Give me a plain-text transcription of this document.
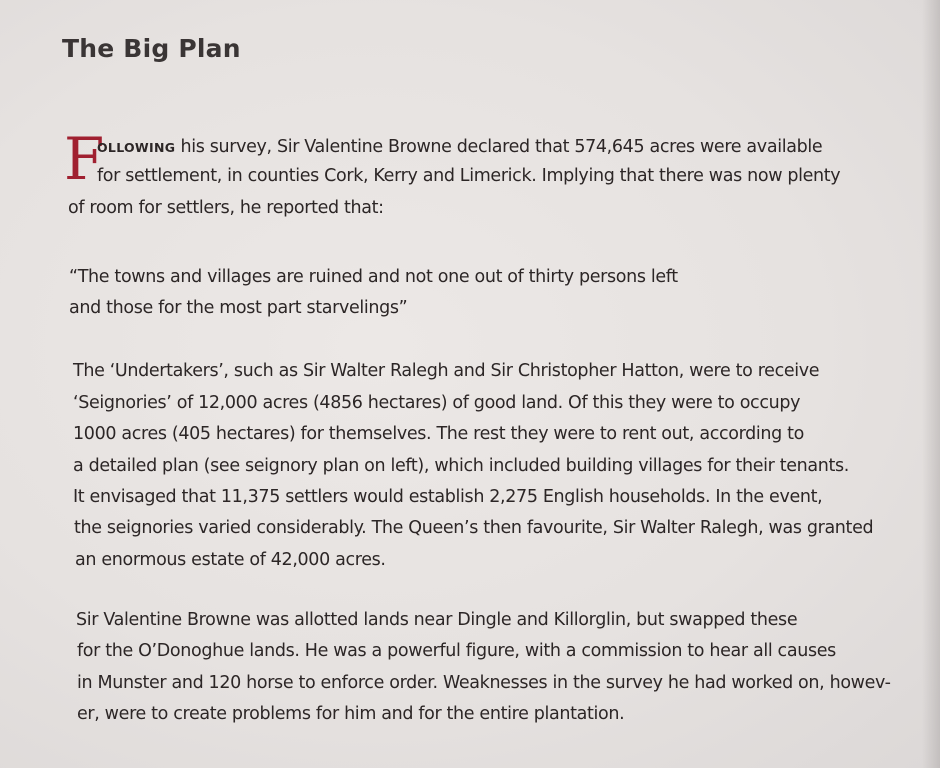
The Big Plan
F
OLLOWING his survey, Sir Valentine Browne declared that 574,645 acres were available
for settlement, in counties Cork, Kerry and Limerick. Implying that there was now plenty
of room for settlers, he reported that:
“The towns and villages are ruined and not one out of thirty persons left
and those for the most part starvelings”
The ‘Undertakers’, such as Sir Walter Ralegh and Sir Christopher Hatton, were to receive
‘Seignories’ of 12,000 acres (4856 hectares) of good land. Of this they were to occupy
1000 acres (405 hectares) for themselves. The rest they were to rent out, according to
a detailed plan (see seignory plan on left), which included building villages for their tenants.
It envisaged that 11,375 settlers would establish 2,275 English households. In the event,
the seignories varied considerably. The Queen’s then favourite, Sir Walter Ralegh, was granted
an enormous estate of 42,000 acres.
Sir Valentine Browne was allotted lands near Dingle and Killorglin, but swapped these
for the O’Donoghue lands. He was a powerful figure, with a commission to hear all causes
in Munster and 120 horse to enforce order. Weaknesses in the survey he had worked on, howev-
er, were to create problems for him and for the entire plantation.
